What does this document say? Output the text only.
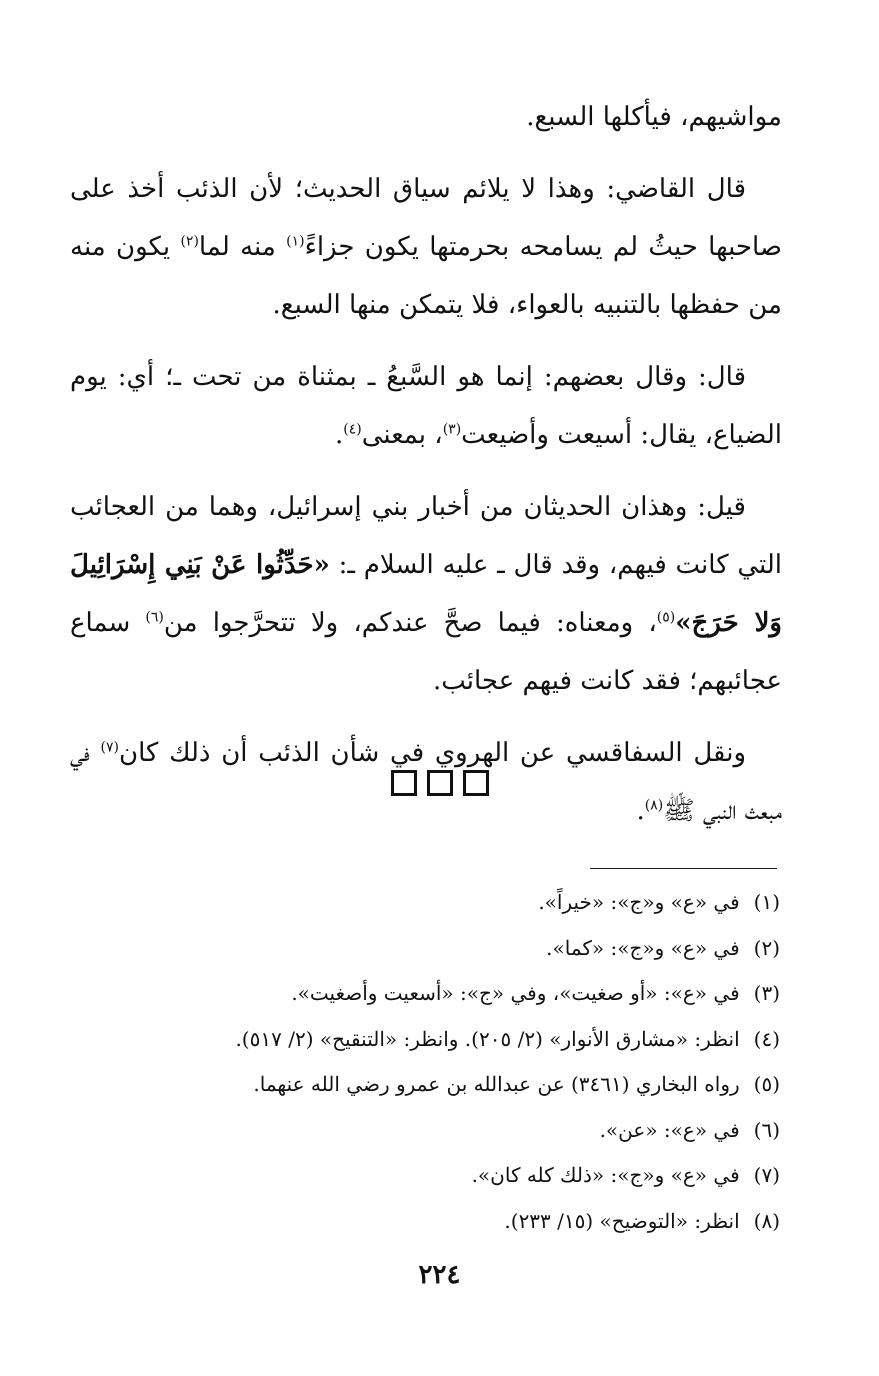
مواشيهم، فيأكلها السبع.

قال القاضي: وهذا لا يلائم سياق الحديث؛ لأن الذئب أخذ على صاحبها حيثُ لم يسامحه بحرمتها يكون جزاءً$^{(١)}$ منه لما$^{(٢)}$ يكون منه من حفظها بالتنبيه بالعواء، فلا يتمكن منها السبع.

قال: وقال بعضهم: إنما هو السَّبعُ ـ بمثناة من تحت ـ؛ أي: يوم الضياع، يقال: أسيعت وأضيعت$^{(٣)}$، بمعنى$^{(٤)}$.

قيل: وهذان الحديثان من أخبار بني إسرائيل، وهما من العجائب التي كانت فيهم، وقد قال ـ عليه السلام ـ: «حَدِّثُوا عَنْ بَنِي إِسْرَائِيلَ وَلا حَرَجَ»$^{(٥)}$، ومعناه: فيما صحَّ عندكم، ولا تتحرَّجوا من$^{(٦)}$ سماع عجائبهم؛ فقد كانت فيهم عجائب.

ونقل السفاقسي عن الهروي في شأن الذئب أن ذلك كان$^{(٧)}$ في مبعث النبي ﷺ$^{(٨)}$.

(١) في «ع» و«ج»: «خيراً».
(٢) في «ع» و«ج»: «كما».
(٣) في «ع»: «أو صغيت»، وفي «ج»: «أسعيت وأصغيت».
(٤) انظر: «مشارق الأنوار» (٢/ ٢٠٥). وانظر: «التنقيح» (٢/ ٥١٧).
(٥) رواه البخاري (٣٤٦١) عن عبدالله بن عمرو رضي الله عنهما.
(٦) في «ع»: «عن».
(٧) في «ع» و«ج»: «ذلك كله كان».
(٨) انظر: «التوضيح» (١٥/ ٢٣٣).
٢٢٤
